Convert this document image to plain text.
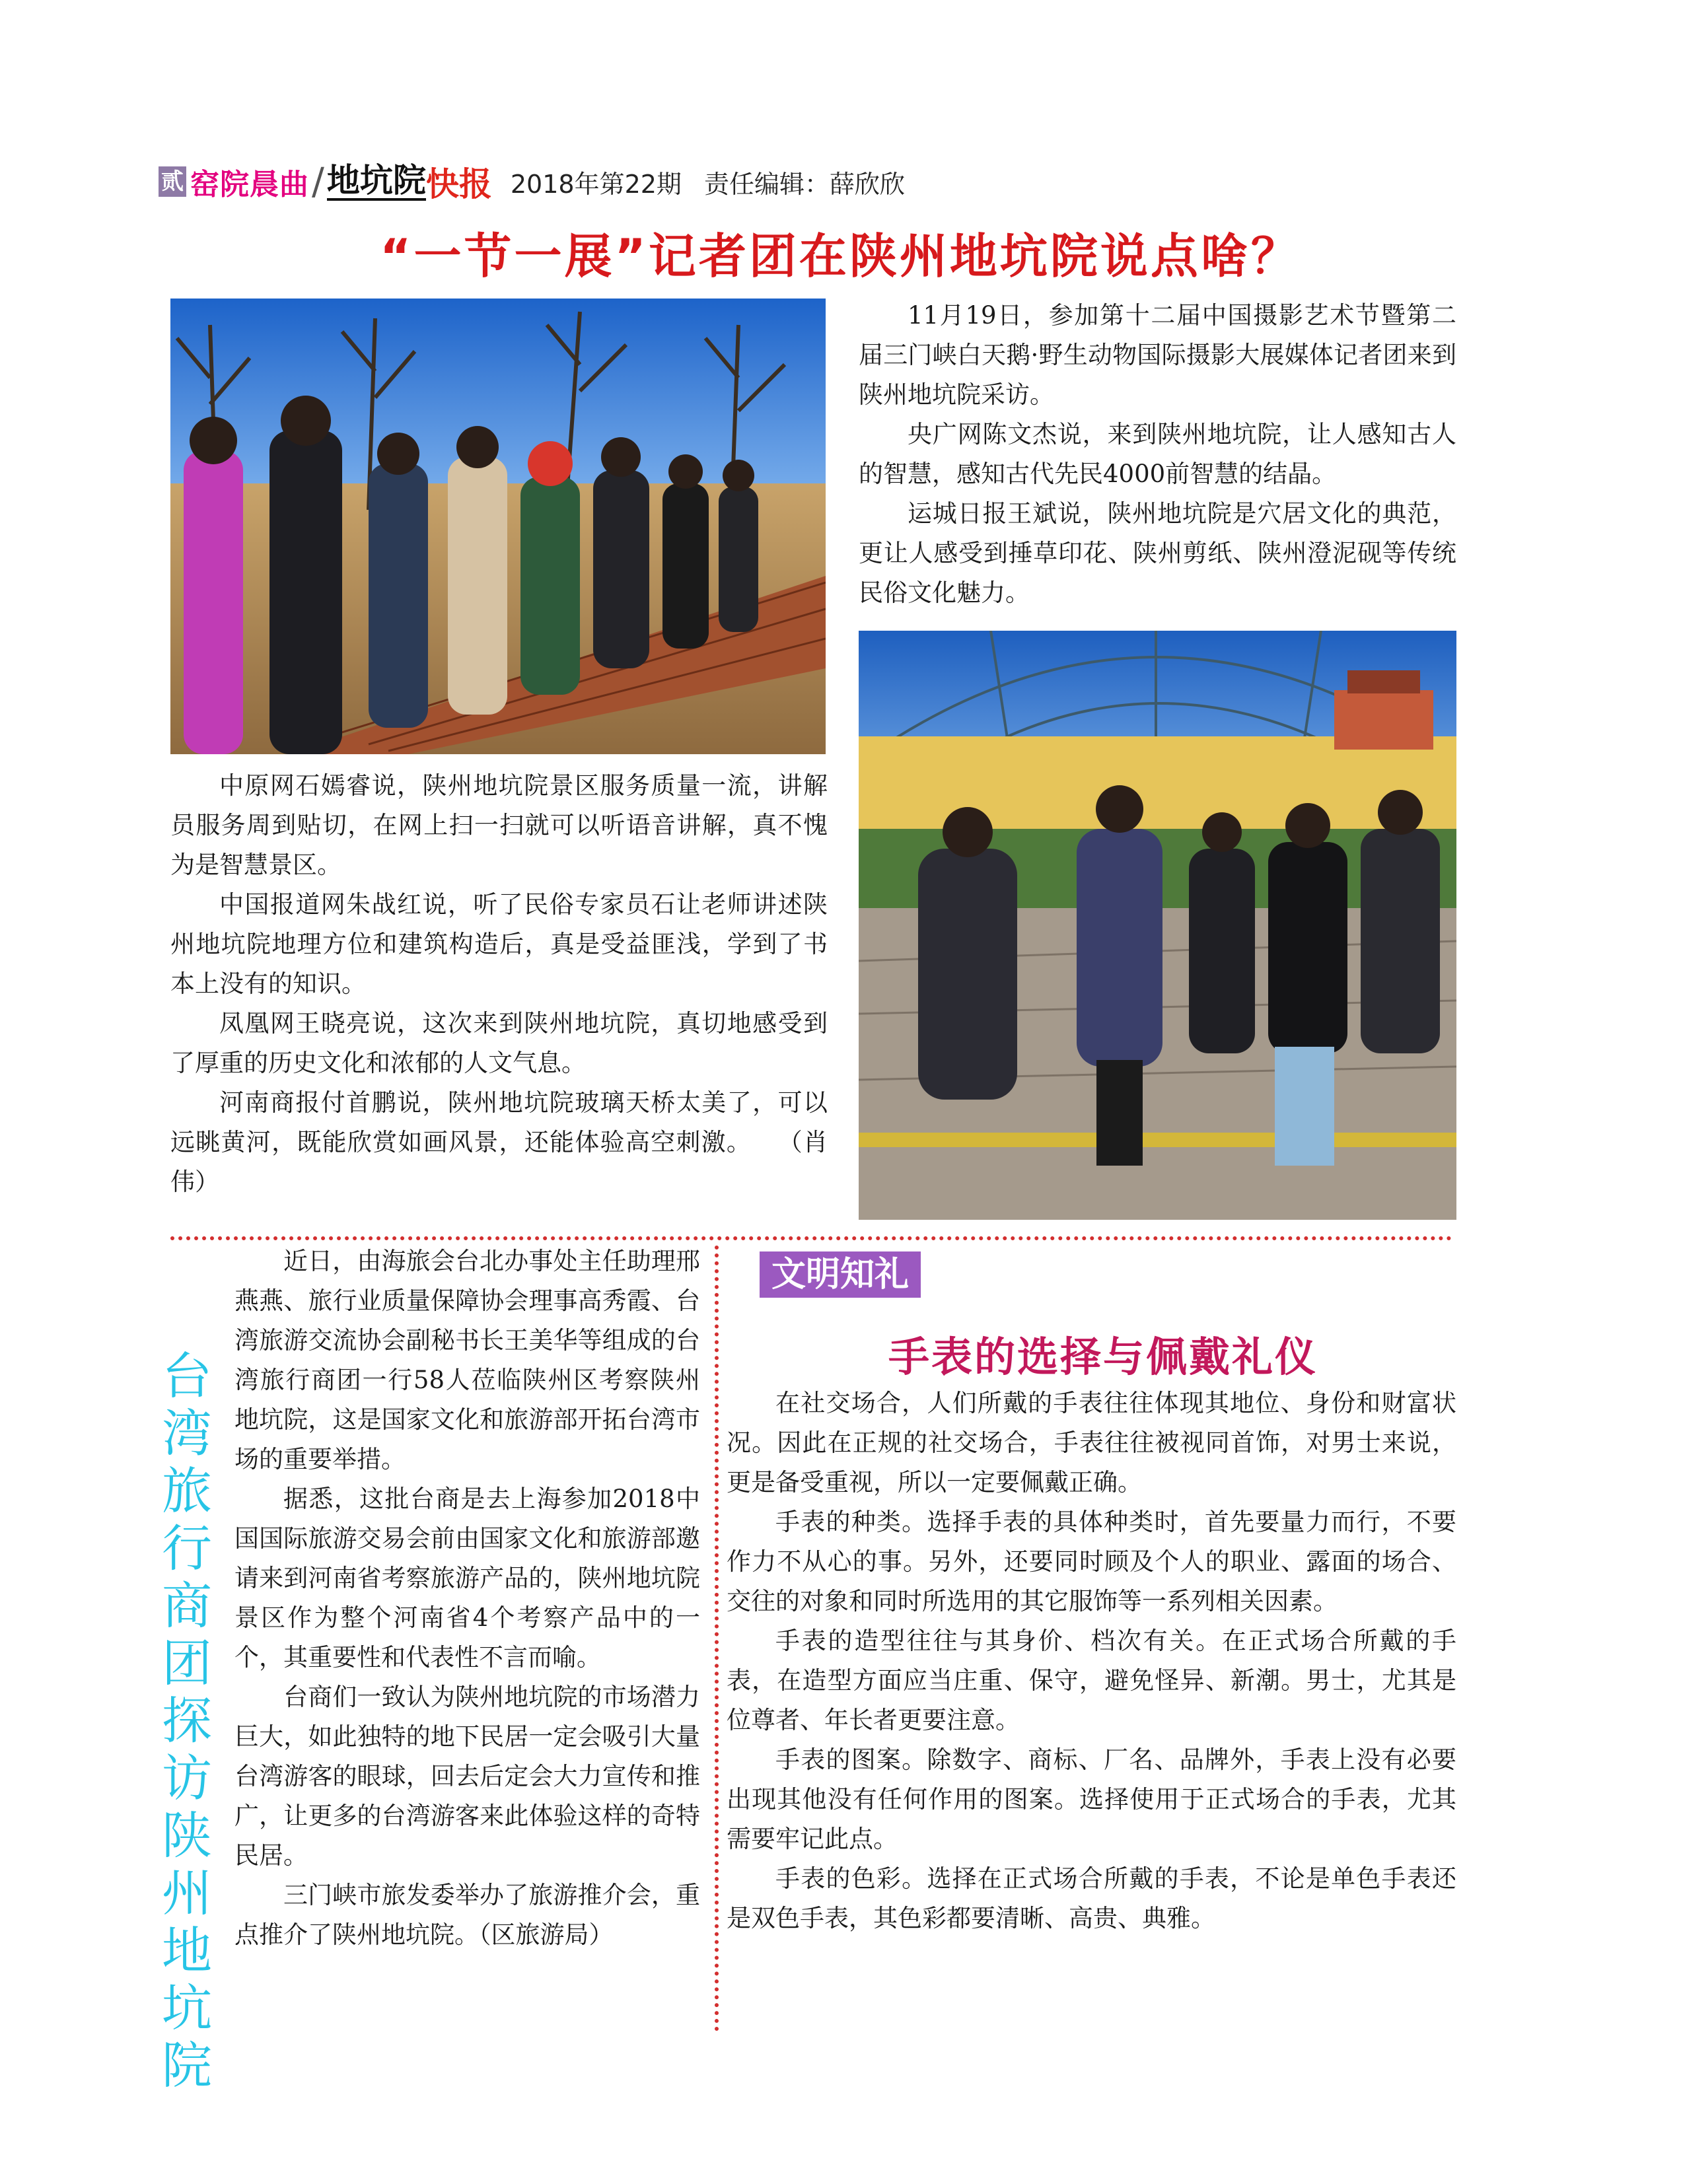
贰 窑院晨曲 / 地坑院 快报 2018年第22期 责任编辑：薛欣欣
“一节一展”记者团在陕州地坑院说点啥？

11月19日，参加第十二届中国摄影艺术节暨第二届三门峡白天鹅·野生动物国际摄影大展媒体记者团来到陕州地坑院采访。

央广网陈文杰说，来到陕州地坑院，让人感知古人的智慧，感知古代先民4000前智慧的结晶。

运城日报王斌说，陕州地坑院是穴居文化的典范，更让人感受到捶草印花、陕州剪纸、陕州澄泥砚等传统民俗文化魅力。

中原网石嫣睿说，陕州地坑院景区服务质量一流，讲解员服务周到贴切，在网上扫一扫就可以听语音讲解，真不愧为是智慧景区。

中国报道网朱战红说，听了民俗专家员石让老师讲述陕州地坑院地理方位和建筑构造后，真是受益匪浅，学到了书本上没有的知识。

凤凰网王晓亮说，这次来到陕州地坑院，真切地感受到了厚重的历史文化和浓郁的人文气息。

河南商报付首鹏说，陕州地坑院玻璃天桥太美了，可以远眺黄河，既能欣赏如画风景，还能体验高空刺激。　　（肖伟）

台湾旅行商团探访陕州地坑院

近日，由海旅会台北办事处主任助理邢燕燕、旅行业质量保障协会理事高秀霞、台湾旅游交流协会副秘书长王美华等组成的台湾旅行商团一行58人莅临陕州区考察陕州地坑院，这是国家文化和旅游部开拓台湾市场的重要举措。

据悉，这批台商是去上海参加2018中国国际旅游交易会前由国家文化和旅游部邀请来到河南省考察旅游产品的，陕州地坑院景区作为整个河南省4个考察产品中的一个，其重要性和代表性不言而喻。

台商们一致认为陕州地坑院的市场潜力巨大，如此独特的地下民居一定会吸引大量台湾游客的眼球，回去后定会大力宣传和推广，让更多的台湾游客来此体验这样的奇特民居。

三门峡市旅发委举办了旅游推介会，重点推介了陕州地坑院。（区旅游局）

文明知礼
手表的选择与佩戴礼仪

在社交场合，人们所戴的手表往往体现其地位、身份和财富状况。因此在正规的社交场合，手表往往被视同首饰，对男士来说，更是备受重视，所以一定要佩戴正确。

手表的种类。选择手表的具体种类时，首先要量力而行，不要作力不从心的事。另外，还要同时顾及个人的职业、露面的场合、交往的对象和同时所选用的其它服饰等一系列相关因素。

手表的造型往往与其身价、档次有关。在正式场合所戴的手表，在造型方面应当庄重、保守，避免怪异、新潮。男士，尤其是位尊者、年长者更要注意。

手表的图案。除数字、商标、厂名、品牌外，手表上没有必要出现其他没有任何作用的图案。选择使用于正式场合的手表，尤其需要牢记此点。

手表的色彩。选择在正式场合所戴的手表，不论是单色手表还是双色手表，其色彩都要清晰、高贵、典雅。
